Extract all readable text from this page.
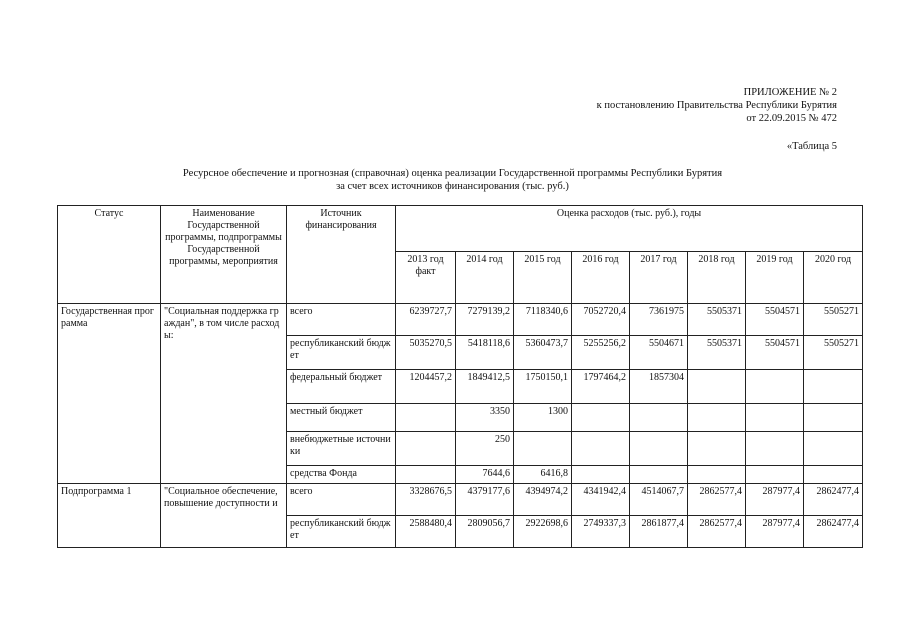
ПРИЛОЖЕНИЕ № 2
к постановлению Правительства Республики Бурятия
от 22.09.2015 № 472
«Таблица 5
Ресурсное обеспечение и прогнозная (справочная) оценка реализации Государственной программы Республики Бурятия
за счет всех источников финансирования (тыс. руб.)
Статус	Наименование Государственной программы, подпрограммы Государственной программы, мероприятия	Источник финансирования	Оценка расходов (тыс. руб.), годы							
			2013 год факт	2014 год	2015 год	2016 год	2017 год	2018 год	2019 год	2020 год
Государственная программа	"Социальная поддержка граждан", в том числе расходы:	всего	6239727,7	7279139,2	7118340,6	7052720,4	7361975	5505371	5504571	5505271
		республиканский бюджет	5035270,5	5418118,6	5360473,7	5255256,2	5504671	5505371	5504571	5505271
		федеральный бюджет	1204457,2	1849412,5	1750150,1	1797464,2	1857304			
		местный бюджет		3350	1300					
		внебюджетные источники		250						
		средства Фонда		7644,6	6416,8					
Подпрограмма 1	"Социальное обеспечение, повышение доступности и	всего	3328676,5	4379177,6	4394974,2	4341942,4	4514067,7	2862577,4	287977,4	2862477,4
		республиканский бюджет	2588480,4	2809056,7	2922698,6	2749337,3	2861877,4	2862577,4	287977,4	2862477,4
